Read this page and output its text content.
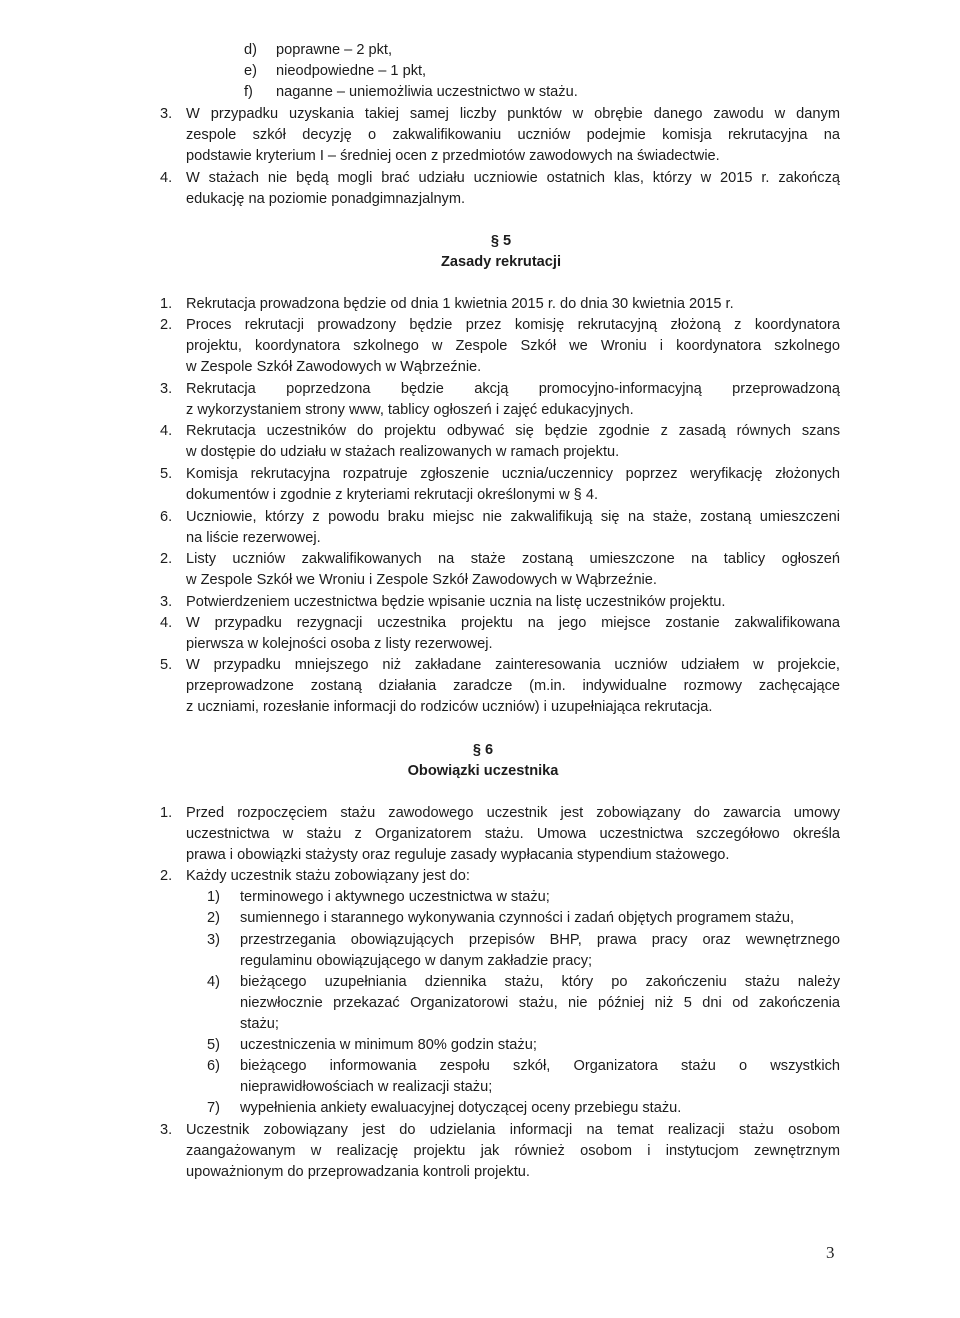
d) poprawne – 2 pkt,
e) nieodpowiedne – 1 pkt,
f) naganne – uniemożliwia uczestnictwo w stażu.
3. W przypadku uzyskania takiej samej liczby punktów w obrębie danego zawodu w danym
zespole szkół decyzję o zakwalifikowaniu uczniów podejmie komisja rekrutacyjna na
podstawie kryterium I – średniej ocen z przedmiotów zawodowych na świadectwie.
4. W stażach nie będą mogli brać udziału uczniowie ostatnich klas, którzy w 2015 r. zakończą
edukację na poziomie ponadgimnazjalnym.
§ 5
Zasady rekrutacji
1. Rekrutacja prowadzona będzie od dnia 1 kwietnia 2015 r. do dnia 30 kwietnia 2015 r.
2. Proces rekrutacji prowadzony będzie przez komisję rekrutacyjną złożoną z koordynatora
projektu, koordynatora szkolnego w Zespole Szkół we Wroniu i koordynatora szkolnego
w Zespole Szkół Zawodowych w Wąbrzeźnie.
3. Rekrutacja poprzedzona będzie akcją promocyjno-informacyjną przeprowadzoną
z wykorzystaniem strony www, tablicy ogłoszeń i zajęć edukacyjnych.
4. Rekrutacja uczestników do projektu odbywać się będzie zgodnie z zasadą równych szans
w dostępie do udziału w stażach realizowanych w ramach projektu.
5. Komisja rekrutacyjna rozpatruje zgłoszenie ucznia/uczennicy poprzez weryfikację złożonych
dokumentów i zgodnie z kryteriami rekrutacji określonymi w § 4.
6. Uczniowie, którzy z powodu braku miejsc nie zakwalifikują się na staże, zostaną umieszczeni
na liście rezerwowej.
2. Listy uczniów zakwalifikowanych na staże zostaną umieszczone na tablicy ogłoszeń
w Zespole Szkół we Wroniu i Zespole Szkół Zawodowych w Wąbrzeźnie.
3. Potwierdzeniem uczestnictwa będzie wpisanie ucznia na listę uczestników projektu.
4. W przypadku rezygnacji uczestnika projektu na jego miejsce zostanie zakwalifikowana
pierwsza w kolejności osoba z listy rezerwowej.
5. W przypadku mniejszego niż zakładane zainteresowania uczniów udziałem w projekcie,
przeprowadzone zostaną działania zaradcze (m.in. indywidualne rozmowy zachęcające
z uczniami, rozesłanie informacji do rodziców uczniów) i uzupełniająca rekrutacja.
§ 6
Obowiązki uczestnika
1. Przed rozpoczęciem stażu zawodowego uczestnik jest zobowiązany do zawarcia umowy
uczestnictwa w stażu z Organizatorem stażu. Umowa uczestnictwa szczegółowo określa
prawa i obowiązki stażysty oraz reguluje zasady wypłacania stypendium stażowego.
2. Każdy uczestnik stażu zobowiązany jest do:
1) terminowego i aktywnego uczestnictwa w stażu;
2) sumiennego i starannego wykonywania czynności i zadań objętych programem stażu,
3) przestrzegania obowiązujących przepisów BHP, prawa pracy oraz wewnętrznego
regulaminu obowiązującego w danym zakładzie pracy;
4) bieżącego uzupełniania dziennika stażu, który po zakończeniu stażu należy
niezwłocznie przekazać Organizatorowi stażu, nie później niż 5 dni od zakończenia
stażu;
5) uczestniczenia w minimum 80% godzin stażu;
6) bieżącego informowania zespołu szkół, Organizatora stażu o wszystkich
nieprawidłowościach w realizacji stażu;
7) wypełnienia ankiety ewaluacyjnej dotyczącej oceny przebiegu stażu.
3. Uczestnik zobowiązany jest do udzielania informacji na temat realizacji stażu osobom
zaangażowanym w realizację projektu jak również osobom i instytucjom zewnętrznym
upoważnionym do przeprowadzania kontroli projektu.
3
